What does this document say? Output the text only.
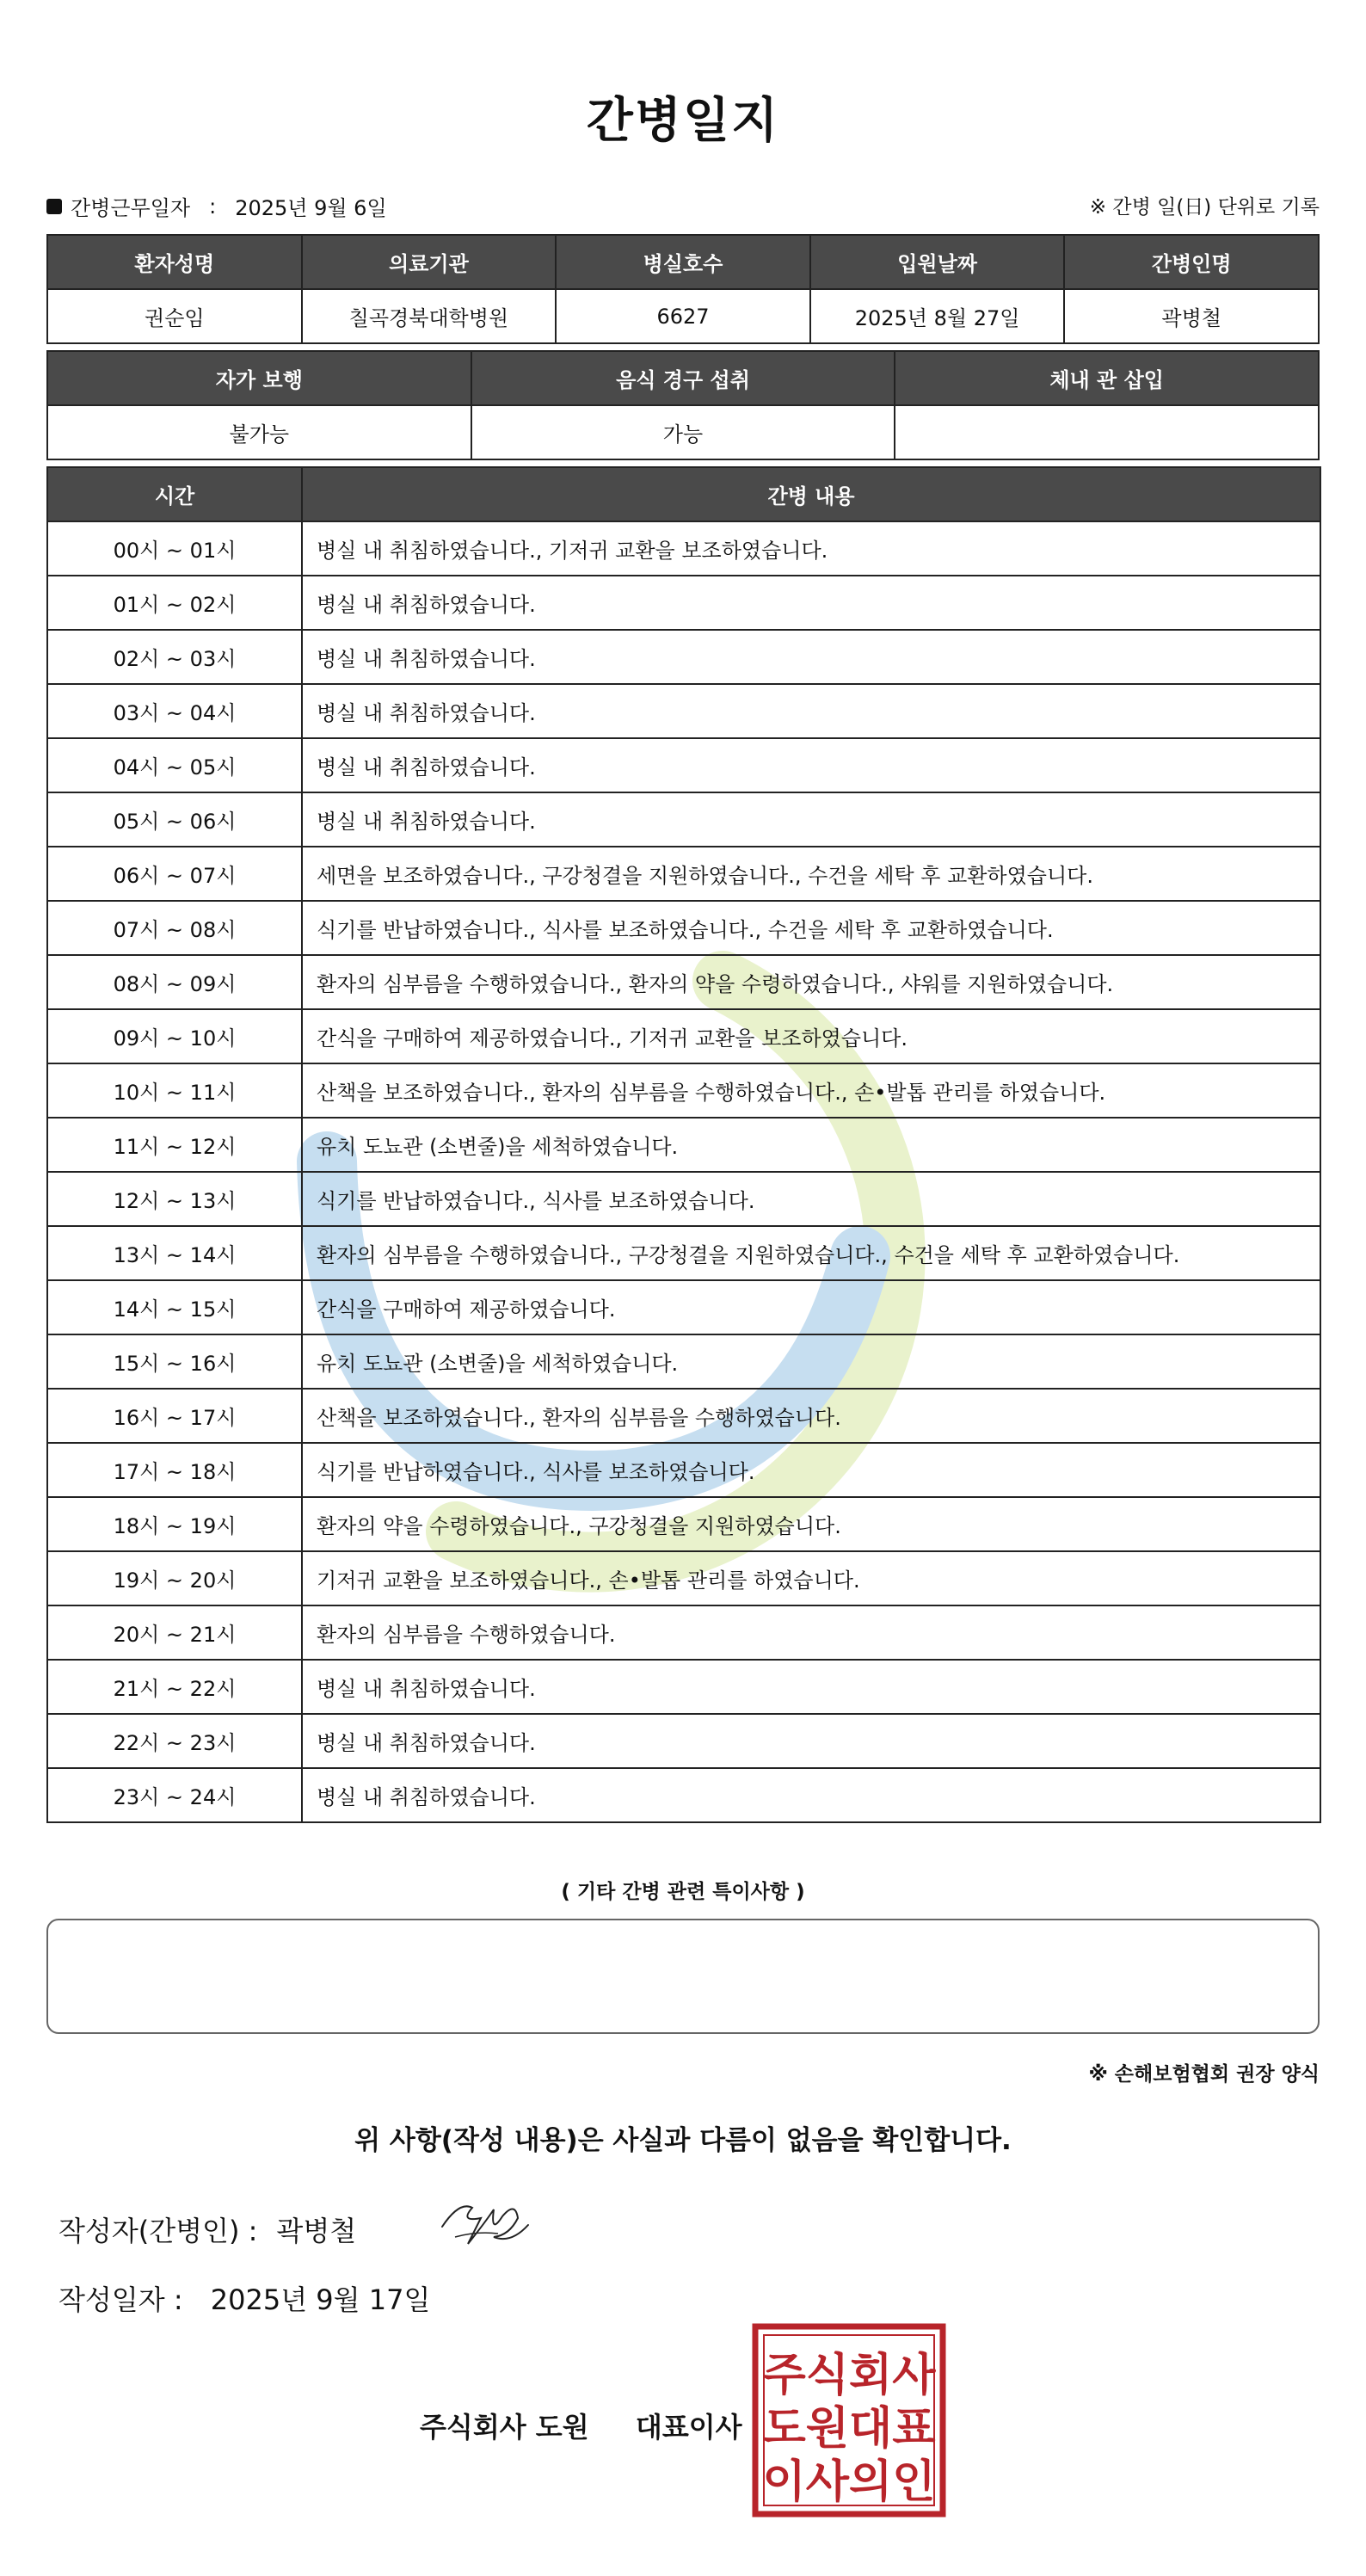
간병일지
간병근무일자 : 2025년 9월 6일	※ 간병 일(日) 단위로 기록
환자성명	의료기관	병실호수	입원날짜	간병인명
권순임	칠곡경북대학병원	6627	2025년 8월 27일	곽병철
자가 보행	음식 경구 섭취	체내 관 삽입
불가능	가능	
시간	간병 내용
00시 ~ 01시	병실 내 취침하였습니다., 기저귀 교환을 보조하였습니다.
01시 ~ 02시	병실 내 취침하였습니다.
02시 ~ 03시	병실 내 취침하였습니다.
03시 ~ 04시	병실 내 취침하였습니다.
04시 ~ 05시	병실 내 취침하였습니다.
05시 ~ 06시	병실 내 취침하였습니다.
06시 ~ 07시	세면을 보조하였습니다., 구강청결을 지원하였습니다., 수건을 세탁 후 교환하였습니다.
07시 ~ 08시	식기를 반납하였습니다., 식사를 보조하였습니다., 수건을 세탁 후 교환하였습니다.
08시 ~ 09시	환자의 심부름을 수행하였습니다., 환자의 약을 수령하였습니다., 샤워를 지원하였습니다.
09시 ~ 10시	간식을 구매하여 제공하였습니다., 기저귀 교환을 보조하였습니다.
10시 ~ 11시	산책을 보조하였습니다., 환자의 심부름을 수행하였습니다., 손•발톱 관리를 하였습니다.
11시 ~ 12시	유치 도뇨관 (소변줄)을 세척하였습니다.
12시 ~ 13시	식기를 반납하였습니다., 식사를 보조하였습니다.
13시 ~ 14시	환자의 심부름을 수행하였습니다., 구강청결을 지원하였습니다., 수건을 세탁 후 교환하였습니다.
14시 ~ 15시	간식을 구매하여 제공하였습니다.
15시 ~ 16시	유치 도뇨관 (소변줄)을 세척하였습니다.
16시 ~ 17시	산책을 보조하였습니다., 환자의 심부름을 수행하였습니다.
17시 ~ 18시	식기를 반납하였습니다., 식사를 보조하였습니다.
18시 ~ 19시	환자의 약을 수령하였습니다., 구강청결을 지원하였습니다.
19시 ~ 20시	기저귀 교환을 보조하였습니다., 손•발톱 관리를 하였습니다.
20시 ~ 21시	환자의 심부름을 수행하였습니다.
21시 ~ 22시	병실 내 취침하였습니다.
22시 ~ 23시	병실 내 취침하였습니다.
23시 ~ 24시	병실 내 취침하였습니다.
( 기타 간병 관련 특이사항 )
※ 손해보험협회 권장 양식
위 사항(작성 내용)은 사실과 다름이 없음을 확인합니다.
작성자(간병인) : 곽병철
작성일자 : 2025년 9월 17일
주식회사 도원 대표이사
주식회사
도원대표
이사의인
